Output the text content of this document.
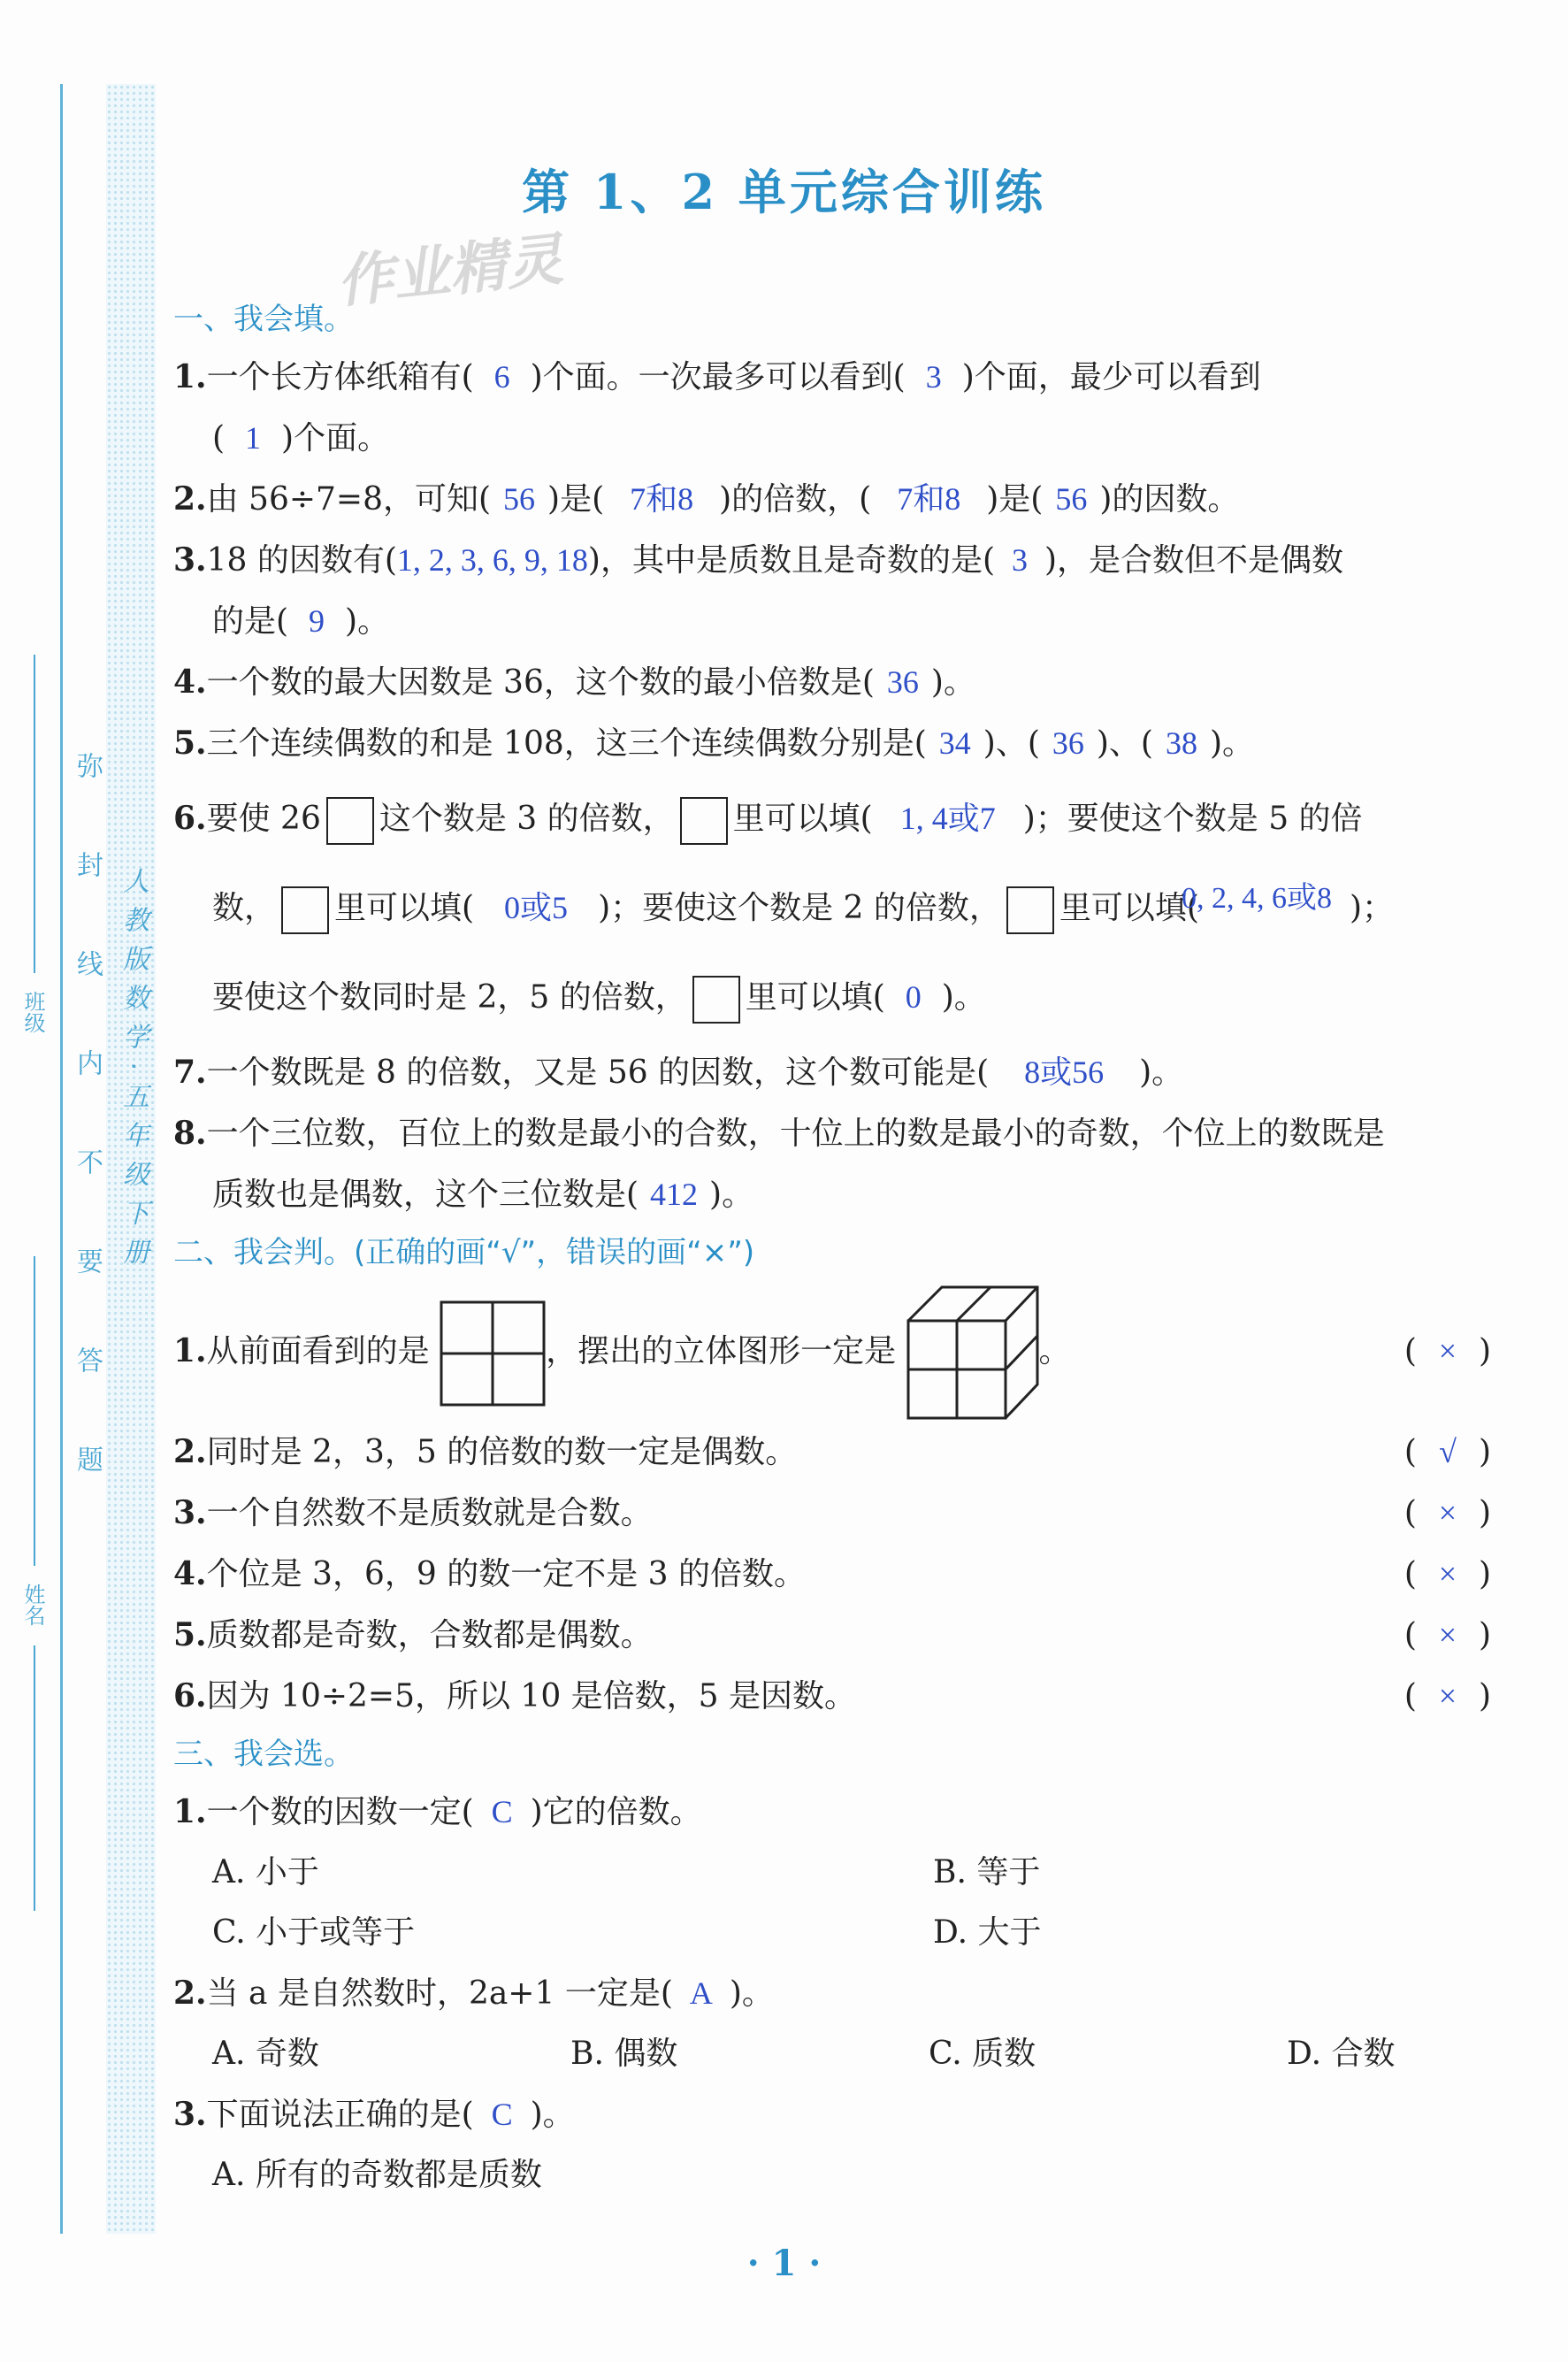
弥封线内不要答题
人教版数学·五年级下册
班级
姓名
第 1、2 单元综合训练
作业精灵
一、我会填。
1.一个长方体纸箱有( 6 )个面。一次最多可以看到( 3 )个面，最少可以看到
( 1 )个面。
2.由 56÷7=8，可知( 56 )是( 7和8 )的倍数，( 7和8 )是( 56 )的因数。
3.18 的因数有(1, 2, 3, 6, 9, 18)，其中是质数且是奇数的是( 3 )，是合数但不是偶数
的是( 9 )。
4.一个数的最大因数是 36，这个数的最小倍数是( 36 )。
5.三个连续偶数的和是 108，这三个连续偶数分别是( 34 )、( 36 )、( 38 )。
6.要使 26 这个数是 3 的倍数， 里可以填( 1, 4或7 )；要使这个数是 5 的倍
数， 里可以填( 0或5 )；要使这个数是 2 的倍数， 里可以填(
0, 2, 4, 6或8 )；
要使这个数同时是 2，5 的倍数， 里可以填( 0 )。
7.一个数既是 8 的倍数，又是 56 的因数，这个数可能是( 8或56 )。
8.一个三位数，百位上的数是最小的合数，十位上的数是最小的奇数，个位上的数既是
质数也是偶数，这个三位数是( 412 )。
二、我会判。(正确的画“√”，错误的画“×”)
1.从前面看到的是	，摆出的立体图形一定是	。	( × )
2.同时是 2，3，5 的倍数的数一定是偶数。	( √ )
3.一个自然数不是质数就是合数。	( × )
4.个位是 3，6，9 的数一定不是 3 的倍数。	( × )
5.质数都是奇数，合数都是偶数。	( × )
6.因为 10÷2=5，所以 10 是倍数，5 是因数。	( × )
三、我会选。
1.一个数的因数一定( C )它的倍数。
A. 小于	B. 等于
C. 小于或等于	D. 大于
2.当 a 是自然数时，2a+1 一定是( A )。
A. 奇数	B. 偶数	C. 质数	D. 合数
3.下面说法正确的是( C )。
A. 所有的奇数都是质数
· 1 ·
